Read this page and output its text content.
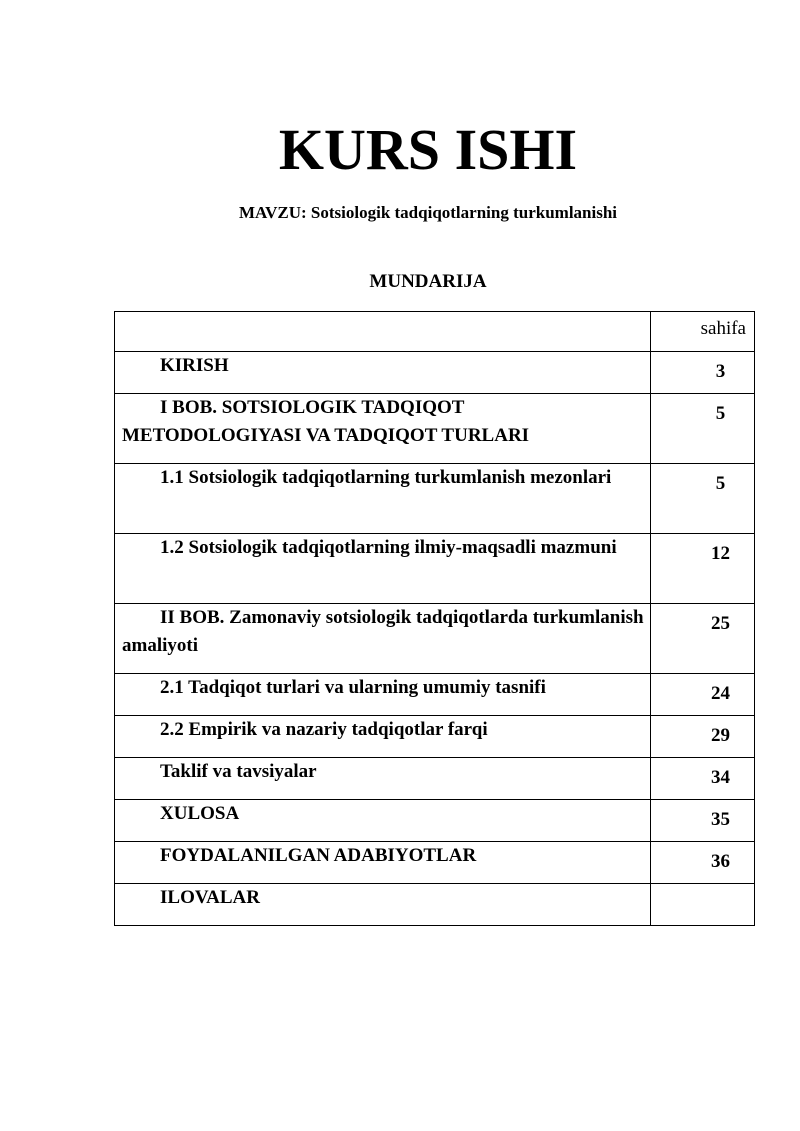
KURS ISHI
MAVZU: Sotsiologik tadqiqotlarning turkumlanishi
MUNDARIJA
	sahifa
KIRISH	3
I BOB. SOTSIOLOGIK TADQIQOT METODOLOGIYASI VA TADQIQOT TURLARI	5
1.1 Sotsiologik tadqiqotlarning turkumlanish mezonlari	5
1.2 Sotsiologik tadqiqotlarning ilmiy-maqsadli mazmuni	12
II BOB. Zamonaviy sotsiologik tadqiqotlarda turkumlanish amaliyoti	25
2.1 Tadqiqot turlari va ularning umumiy tasnifi	24
2.2 Empirik va nazariy tadqiqotlar farqi	29
Taklif va tavsiyalar	34
XULOSA	35
FOYDALANILGAN ADABIYOTLAR	36
ILOVALAR	
